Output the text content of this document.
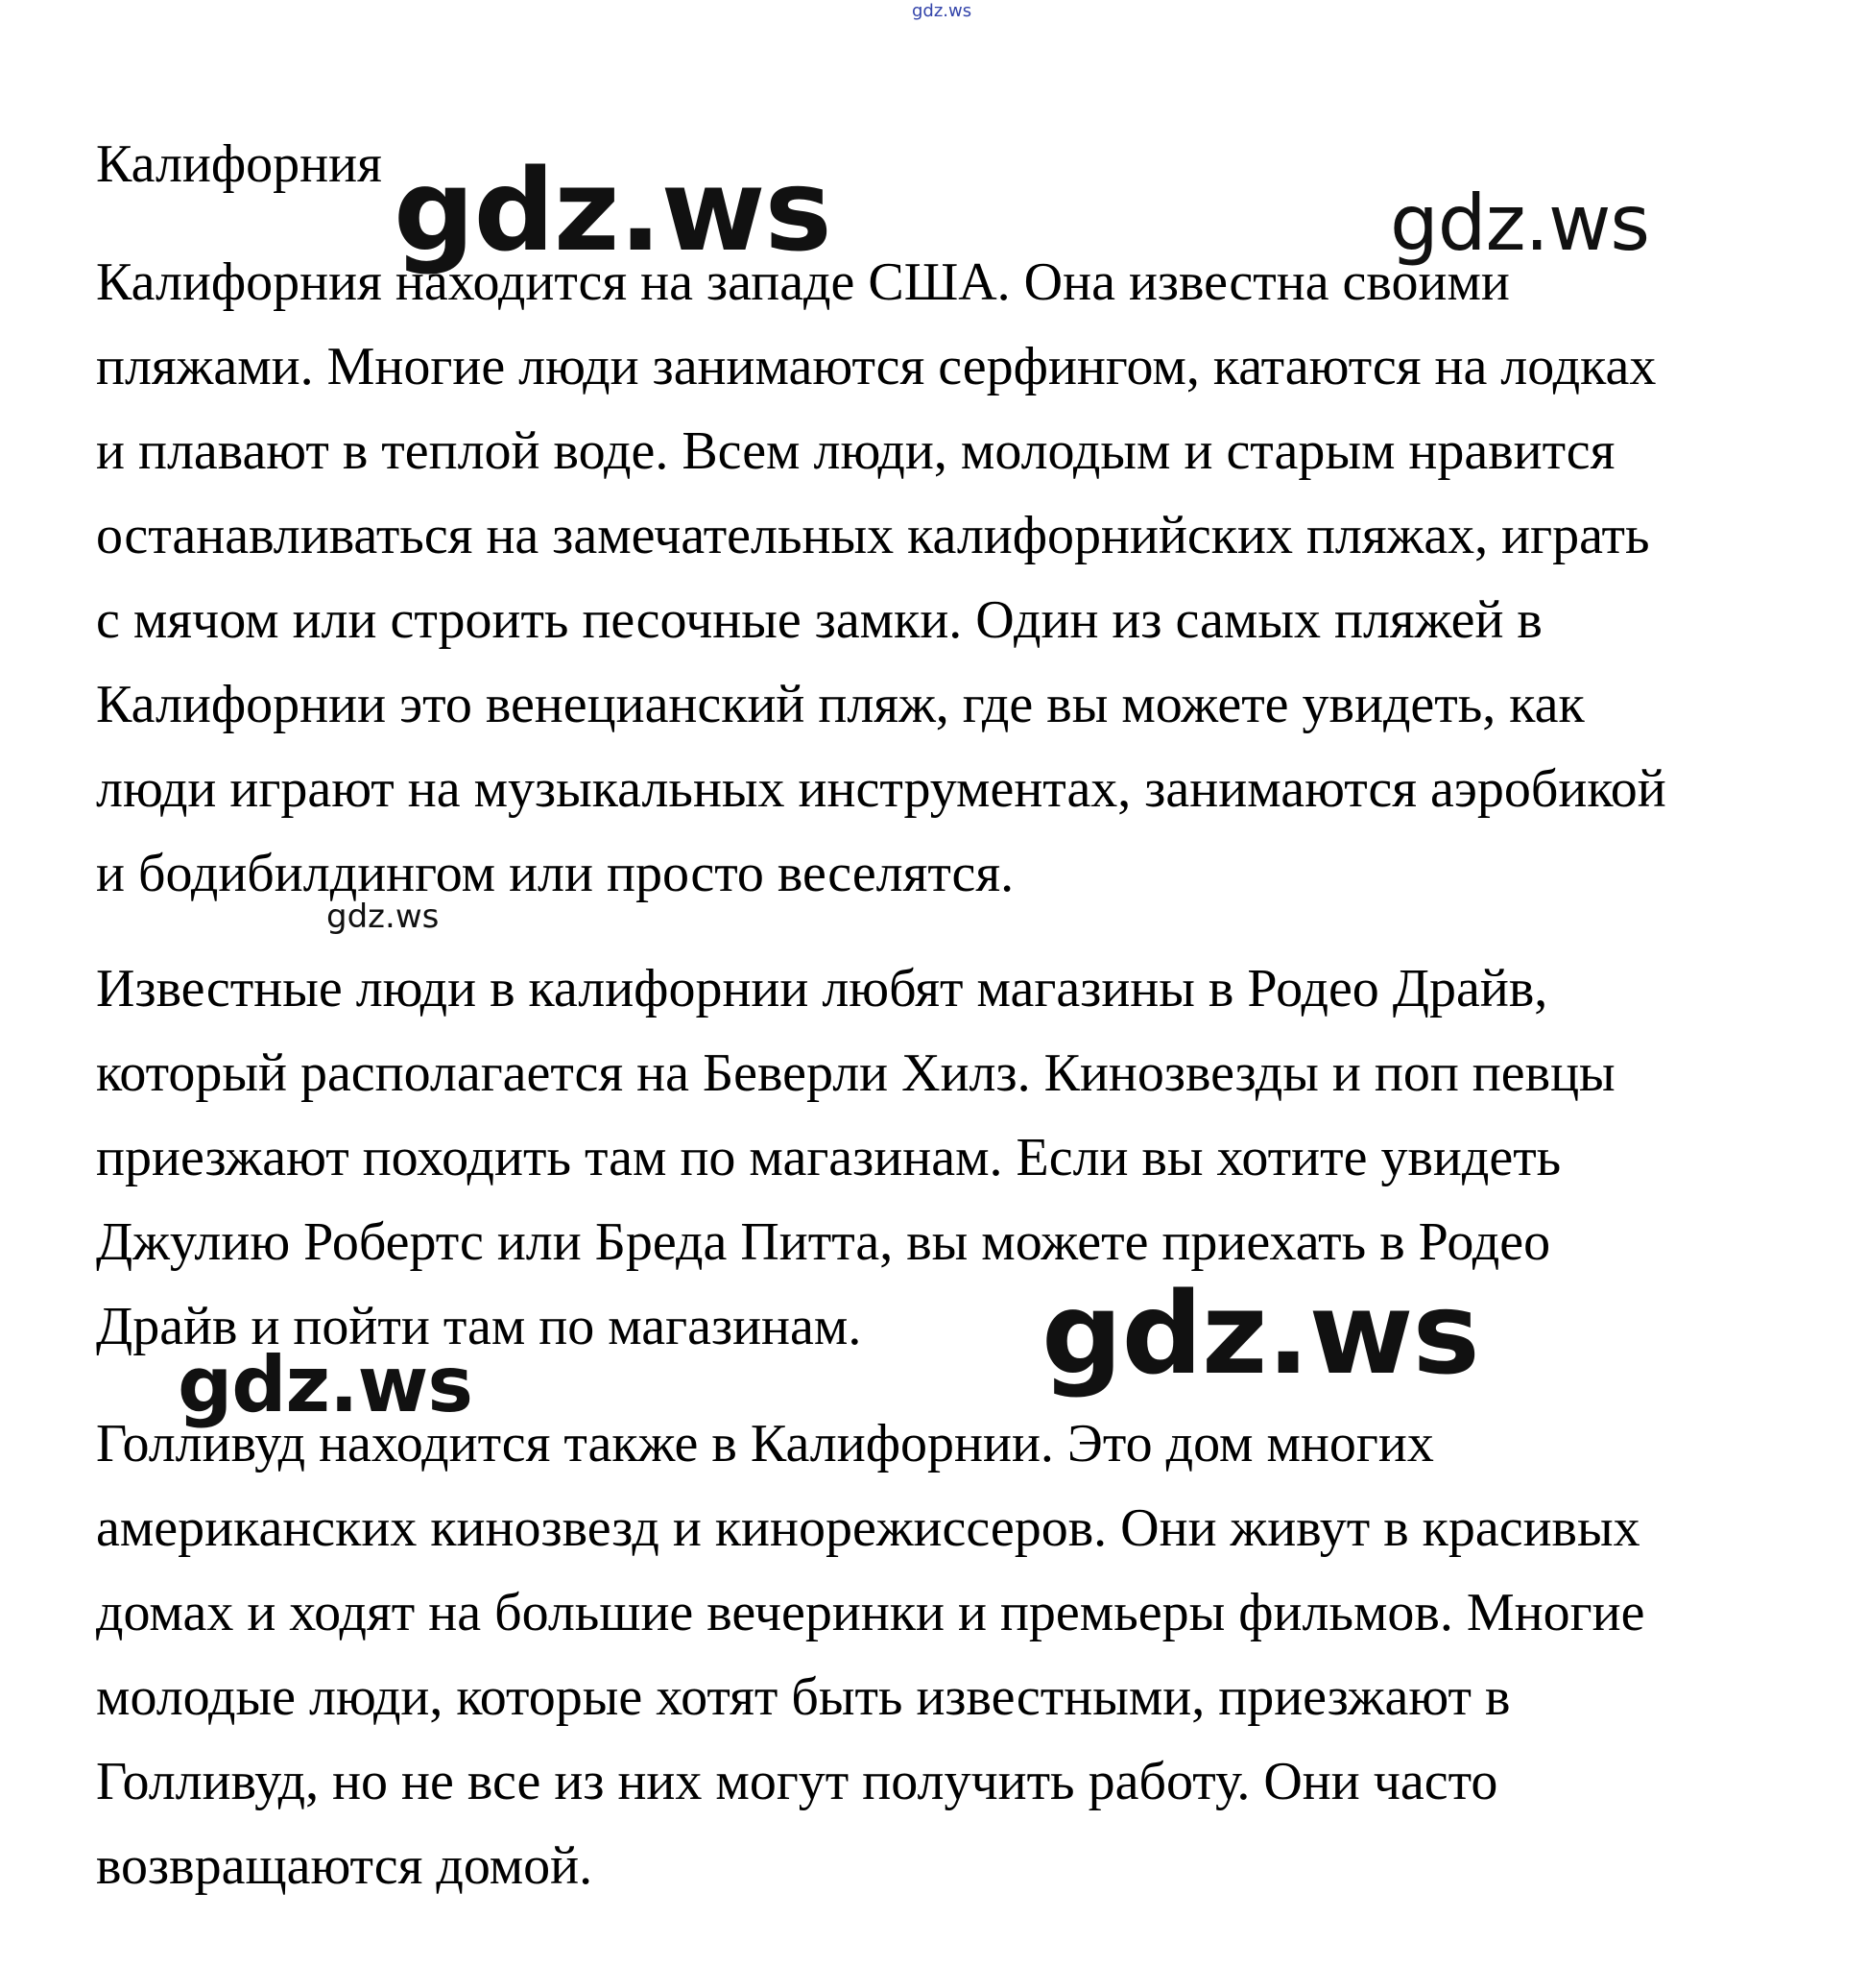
Калифорния

Калифорния находится на западе США. Она известна своими
пляжами. Многие люди занимаются серфингом, катаются на лодках
и плавают в теплой воде. Всем люди, молодым и старым нравится
останавливаться на замечательных калифорнийских пляжах, играть
с мячом или строить песочные замки. Один из самых пляжей в
Калифорнии это венецианский пляж, где вы можете увидеть, как
люди играют на музыкальных инструментах, занимаются аэробикой
и бодибилдингом или просто веселятся.

Известные люди в калифорнии любят магазины в Родео Драйв,
который располагается на Беверли Хилз. Кинозвезды и поп певцы
приезжают походить там по магазинам. Если вы хотите увидеть
Джулию Робертс или Бреда Питта, вы можете приехать в Родео
Драйв и пойти там по магазинам.

Голливуд находится также в Калифорнии. Это дом многих
американских кинозвезд и кинорежиссеров. Они живут в красивых
домах и ходят на большие вечеринки и премьеры фильмов. Многие
молодые люди, которые хотят быть известными, приезжают в
Голливуд, но не все из них могут получить работу. Они часто
возвращаются домой.

gdz.ws
gdz.ws	gdz.ws
gdz.ws
gdz.ws
gdz.ws
